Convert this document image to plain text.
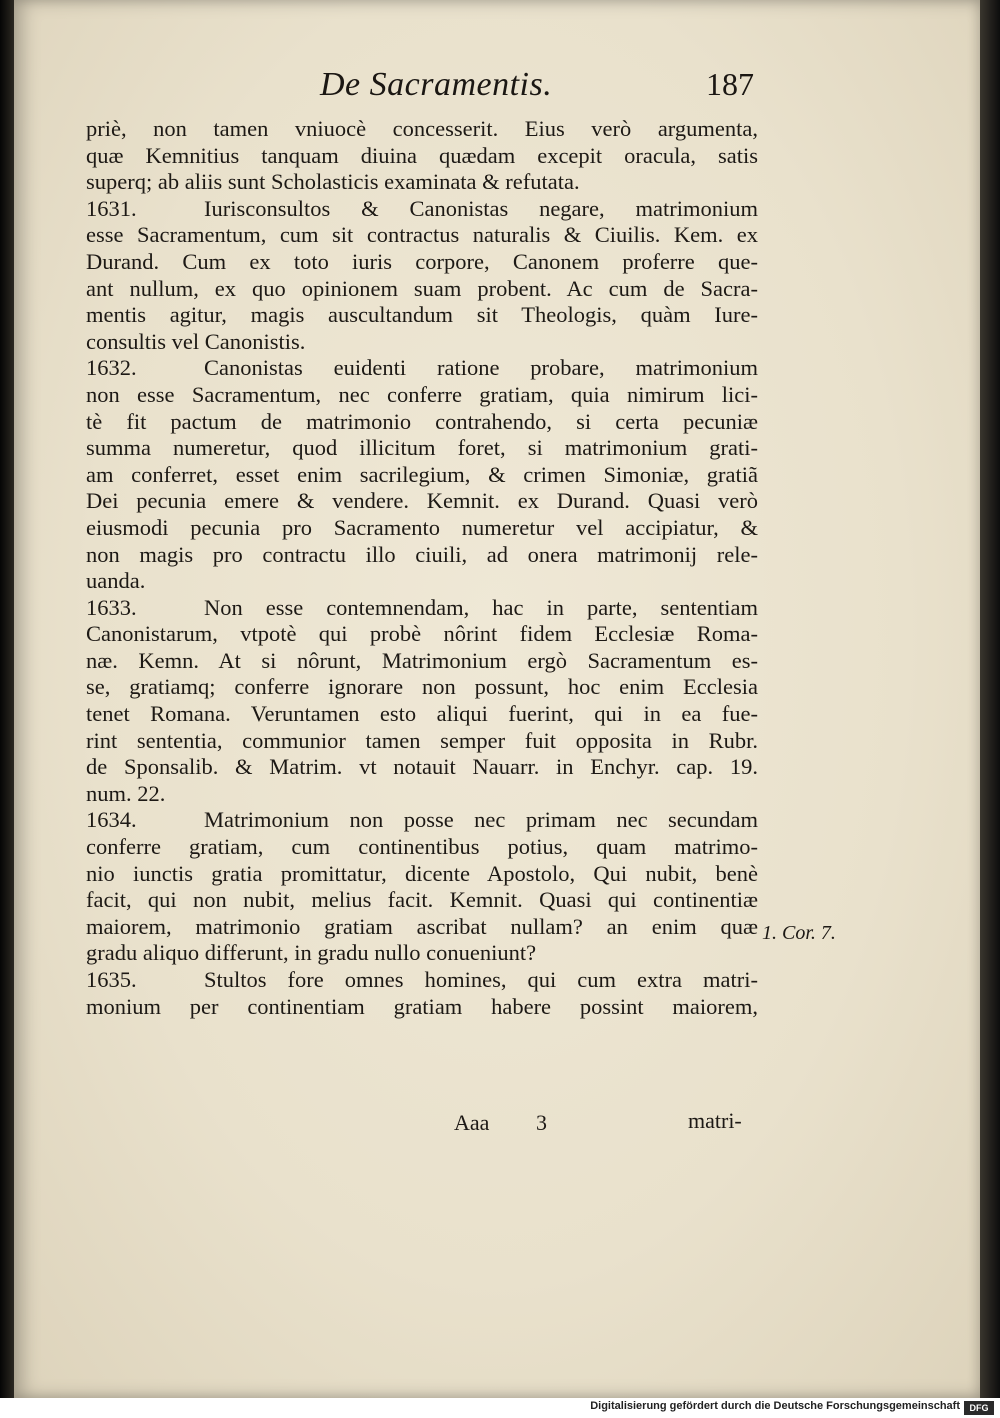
De Sacramentis.	187
priè, non tamen vniuocè concesserit. Eius verò argumenta,
quæ Kemnitius tanquam diuina quædam excepit oracula, satis
superq; ab aliis sunt Scholasticis examinata & refutata.
1631.	Iurisconsultos & Canonistas negare, matrimonium
esse Sacramentum, cum sit contractus naturalis & Ciuilis. Kem. ex
Durand. Cum ex toto iuris corpore, Canonem proferre que-
ant nullum, ex quo opinionem suam probent. Ac cum de Sacra-
mentis agitur, magis auscultandum sit Theologis, quàm Iure-
consultis vel Canonistis.
1632.	Canonistas euidenti ratione probare, matrimonium
non esse Sacramentum, nec conferre gratiam, quia nimirum lici-
tè fit pactum de matrimonio contrahendo, si certa pecuniæ
summa numeretur, quod illicitum foret, si matrimonium grati-
am conferret, esset enim sacrilegium, & crimen Simoniæ, gratiã
Dei pecunia emere & vendere. Kemnit. ex Durand. Quasi verò
eiusmodi pecunia pro Sacramento numeretur vel accipiatur, &
non magis pro contractu illo ciuili, ad onera matrimonij rele-
uanda.
1633.	Non esse contemnendam, hac in parte, sententiam
Canonistarum, vtpotè qui probè nôrint fidem Ecclesiæ Roma-
næ. Kemn. At si nôrunt, Matrimonium ergò Sacramentum es-
se, gratiamq; conferre ignorare non possunt, hoc enim Ecclesia
tenet Romana. Veruntamen esto aliqui fuerint, qui in ea fue-
rint sententia, communior tamen semper fuit opposita in Rubr.
de Sponsalib. & Matrim. vt notauit Nauarr. in Enchyr. cap. 19.
num. 22.
1634.	Matrimonium non posse nec primam nec secundam
conferre gratiam, cum continentibus potius, quam matrimo-
nio iunctis gratia promittatur, dicente Apostolo, Qui nubit, benè
facit, qui non nubit, melius facit. Kemnit. Quasi qui continentiæ
maiorem, matrimonio gratiam ascribat nullam? an enim quæ
gradu aliquo differunt, in gradu nullo conueniunt?
1635.	Stultos fore omnes homines, qui cum extra matri-
monium per continentiam gratiam habere possint maiorem,
Aaa 3	matri-
1. Cor. 7.
Digitalisierung gefördert durch die Deutsche Forschungsgemeinschaft	DFG
